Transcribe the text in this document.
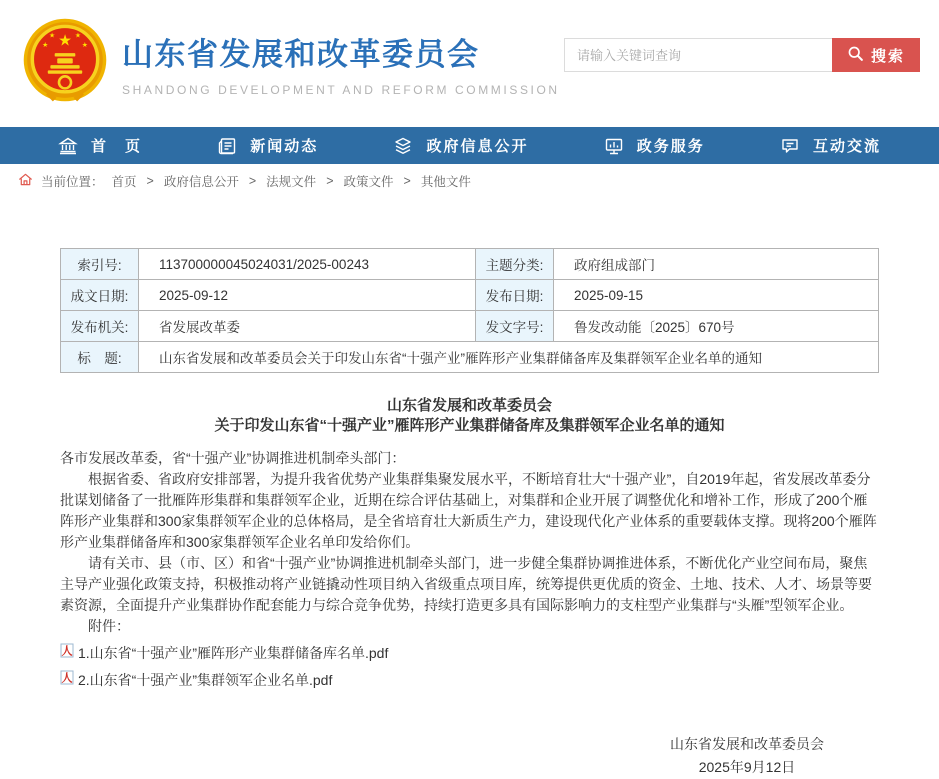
★
★ ★
★	★ 山东省发展和改革委员会
SHANDONG DEVELOPMENT AND REFORM COMMISSION
请输入关键词查询
搜索
首　页	新闻动态	政府信息公开	政务服务	互动交流
当前位置： 首页 > 政府信息公开 > 法规文件 > 政策文件 > 其他文件
索引号:	113700000045024031/2025-00243	主题分类:	政府组成部门
成文日期:	2025-09-12	发布日期:	2025-09-15
发布机关:	省发展改革委	发文字号:	鲁发改动能〔2025〕670号
标　题:	山东省发展和改革委员会关于印发山东省“十强产业”雁阵形产业集群储备库及集群领军企业名单的通知		
山东省发展和改革委员会
关于印发山东省“十强产业”雁阵形产业集群储备库及集群领军企业名单的通知

各市发展改革委，省“十强产业”协调推进机制牵头部门：

根据省委、省政府安排部署，为提升我省优势产业集群集聚发展水平，不断培育壮大“十强产业”，自2019年起，省发展改革委分批谋划储备了一批雁阵形集群和集群领军企业，近期在综合评估基础上，对集群和企业开展了调整优化和增补工作，形成了200个雁阵形产业集群和300家集群领军企业的总体格局，是全省培育壮大新质生产力，建设现代化产业体系的重要载体支撑。现将200个雁阵形产业集群储备库和300家集群领军企业名单印发给你们。

请有关市、县（市、区）和省“十强产业”协调推进机制牵头部门，进一步健全集群协调推进体系，不断优化产业空间布局，聚焦主导产业强化政策支持，积极推动将产业链撬动性项目纳入省级重点项目库，统筹提供更优质的资金、土地、技术、人才、场景等要素资源，全面提升产业集群协作配套能力与综合竞争优势，持续打造更多具有国际影响力的支柱型产业集群与“头雁”型领军企业。

附件：

人 1.山东省“十强产业”雁阵形产业集群储备库名单.pdf
人 2.山东省“十强产业”集群领军企业名单.pdf
山东省发展和改革委员会
2025年9月12日
